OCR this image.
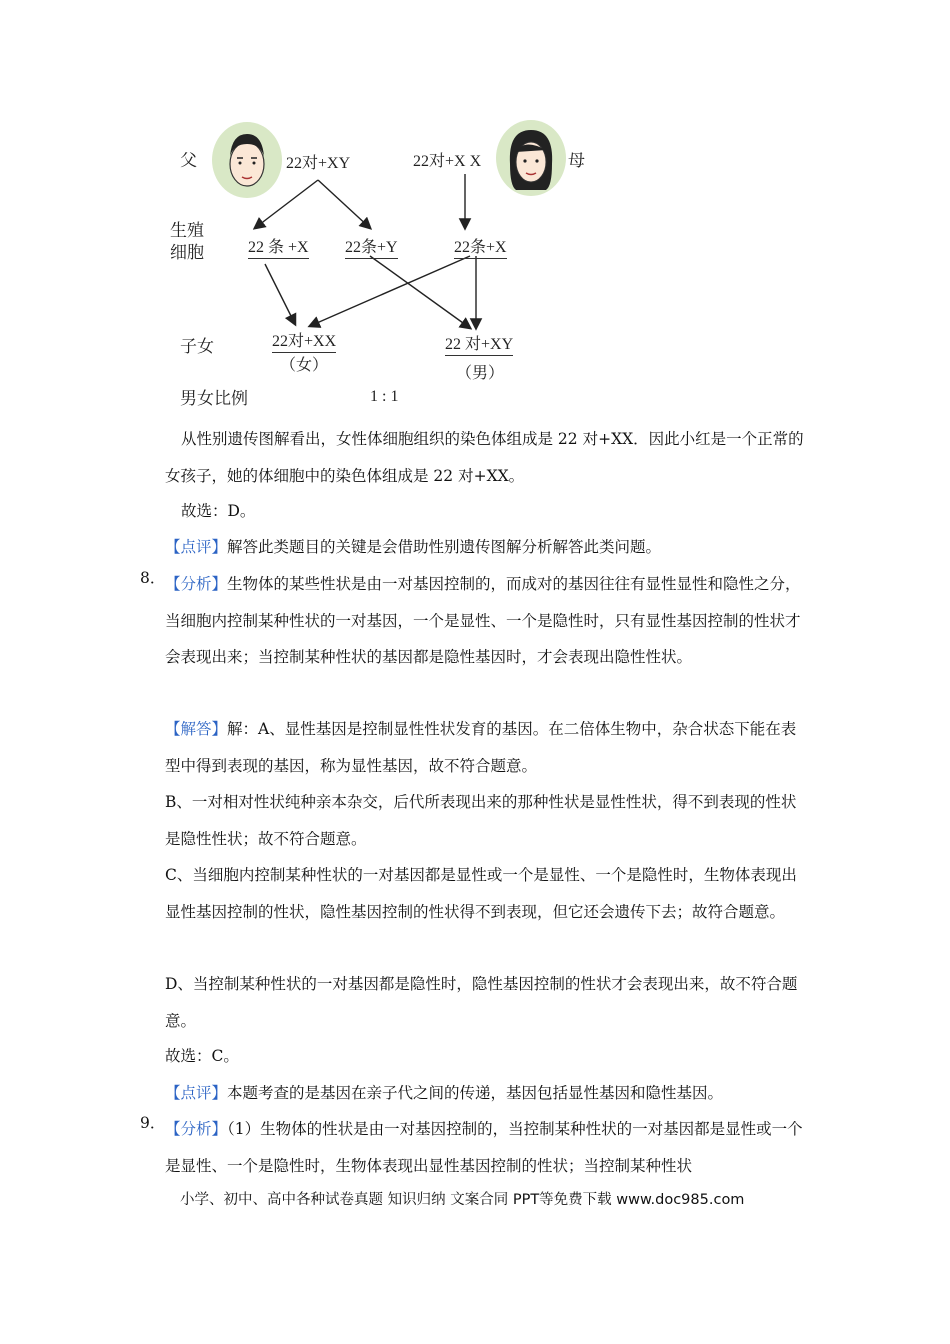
父	22对+XY	22对+X X	母
生殖
细胞	22 条 +X 22条+Y	22条+X
子女	22对+XX
（女）
22 对+XY
（男）
男女比例	1 : 1

从性别遗传图解看出，女性体细胞组织的染色体组成是 22 对+XX．因此小红是一个正常的女孩子，她的体细胞中的染色体组成是 22 对+XX。

故选：D。

【点评】解答此类题目的关键是会借助性别遗传图解分析解答此类问题。

8． 【分析】生物体的某些性状是由一对基因控制的，而成对的基因往往有显性显性和隐性之分，当细胞内控制某种性状的一对基因，一个是显性、一个是隐性时，只有显性基因控制的性状才会表现出来；当控制某种性状的基因都是隐性基因时，才会表现出隐性性状。

【解答】解：A、显性基因是控制显性性状发育的基因。在二倍体生物中，杂合状态下能在表型中得到表现的基因，称为显性基因，故不符合题意。

B、一对相对性状纯种亲本杂交，后代所表现出来的那种性状是显性性状，得不到表现的性状是隐性性状；故不符合题意。

C、当细胞内控制某种性状的一对基因都是显性或一个是显性、一个是隐性时，生物体表现出显性基因控制的性状，隐性基因控制的性状得不到表现，但它还会遗传下去；故符合题意。

D、当控制某种性状的一对基因都是隐性时，隐性基因控制的性状才会表现出来，故不符合题意。

故选：C。

【点评】本题考查的是基因在亲子代之间的传递，基因包括显性基因和隐性基因。

9． 【分析】（1）生物体的性状是由一对基因控制的，当控制某种性状的一对基因都是显性或一个是显性、一个是隐性时，生物体表现出显性基因控制的性状；当控制某种性状

小学、初中、高中各种试卷真题 知识归纳 文案合同 PPT等免费下载 www.doc985.com
